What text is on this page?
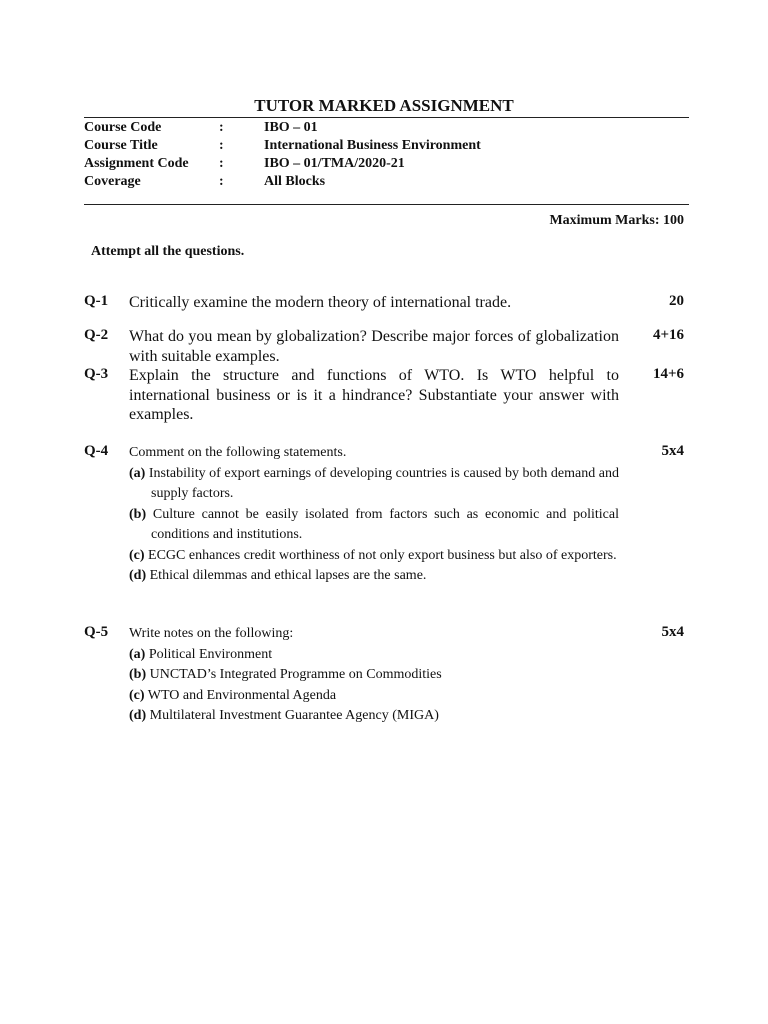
TUTOR MARKED ASSIGNMENT
Course Code	:	IBO – 01
Course Title	:	International Business Environment
Assignment Code :	IBO – 01/TMA/2020-21
Coverage	:	All Blocks
Maximum Marks: 100
Attempt all the questions.
Q-1 Critically examine the modern theory of international trade.	20
Q-2 What do you mean by globalization? Describe major forces of globalization with suitable examples.
4+16
Q-3 Explain the structure and functions of WTO. Is WTO helpful to international business or is it a hindrance? Substantiate your answer with examples.
14+6
Q-4 Comment on the following statements.
(a) Instability of export earnings of developing countries is caused by both demand and supply factors.
(b) Culture cannot be easily isolated from factors such as economic and political conditions and institutions.
(c) ECGC enhances credit worthiness of not only export business but also of exporters.
(d) Ethical dilemmas and ethical lapses are the same.
5x4
Q-5 Write notes on the following:
(a) Political Environment
(b) UNCTAD’s Integrated Programme on Commodities
(c) WTO and Environmental Agenda
(d) Multilateral Investment Guarantee Agency (MIGA)
5x4
